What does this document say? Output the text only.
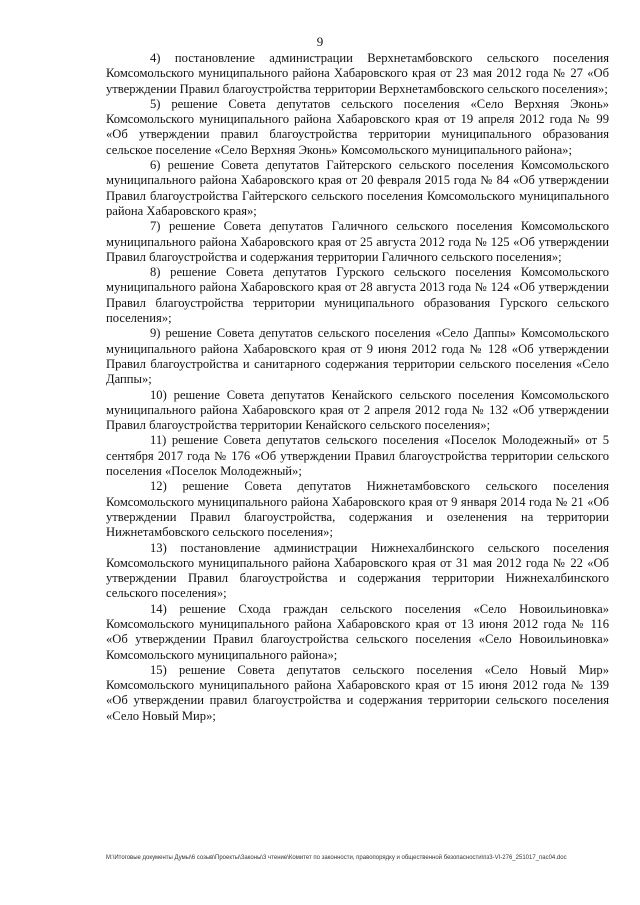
9

4) постановление администрации Верхнетамбовского сельского поселения Комсомольского муниципального района Хабаровского края от 23 мая 2012 года № 27 «Об утверждении Правил благоустройства территории Верхнетамбовского сельского поселения»;

5) решение Совета депутатов сельского поселения «Село Верхняя Эконь» Комсомольского муниципального района Хабаровского края от 19 апреля 2012 года № 99 «Об утверждении правил благоустройства территории муниципального образования сельское поселение «Село Верхняя Эконь» Комсомольского муниципального района»;

6) решение Совета депутатов Гайтерского сельского поселения Комсомольского муниципального района Хабаровского края от 20 февраля 2015 года № 84 «Об утверждении Правил благоустройства Гайтерского сельского поселения Комсомольского муниципального района Хабаровского края»;

7) решение Совета депутатов Галичного сельского поселения Комсомольского муниципального района Хабаровского края от 25 августа 2012 года № 125 «Об утверждении Правил благоустройства и содержания территории Галичного сельского поселения»;

8) решение Совета депутатов Гурского сельского поселения Комсомольского муниципального района Хабаровского края от 28 августа 2013 года № 124 «Об утверждении Правил благоустройства территории муниципального образования Гурского сельского поселения»;

9) решение Совета депутатов сельского поселения «Село Даппы» Комсомольского муниципального района Хабаровского края от 9 июня 2012 года № 128 «Об утверждении Правил благоустройства и санитарного содержания территории сельского поселения «Село Даппы»;

10) решение Совета депутатов Кенайского сельского поселения Комсомольского муниципального района Хабаровского края от 2 апреля 2012 года № 132 «Об утверждении Правил благоустройства территории Кенайского сельского поселения»;

11) решение Совета депутатов сельского поселения «Поселок Молодежный» от 5 сентября 2017 года № 176 «Об утверждении Правил благоустройства территории сельского поселения «Поселок Молодежный»;

12) решение Совета депутатов Нижнетамбовского сельского поселения Комсомольского муниципального района Хабаровского края от 9 января 2014 года № 21 «Об утверждении Правил благоустройства, содержания и озеленения на территории Нижнетамбовского сельского поселения»;

13) постановление администрации Нижнехалбинского сельского поселения Комсомольского муниципального района Хабаровского края от 31 мая 2012 года № 22 «Об утверждении Правил благоустройства и содержания территории Нижнехалбинского сельского поселения»;

14) решение Схода граждан сельского поселения «Село Новоильиновка» Комсомольского муниципального района Хабаровского края от 13 июня 2012 года № 116 «Об утверждении Правил благоустройства сельского поселения «Село Новоильиновка» Комсомольского муниципального района»;

15) решение Совета депутатов сельского поселения «Село Новый Мир» Комсомольского муниципального района Хабаровского края от 15 июня 2012 года № 139 «Об утверждении правил благоустройства и содержания территории сельского поселения «Село Новый Мир»;

M:\Итоговые документы Думы\6 созыв\Проекты\Законы\3 чтение\Комитет по законности, правопорядку и общественной безопасности\пз3-VI-276_251017_пас04.doc
